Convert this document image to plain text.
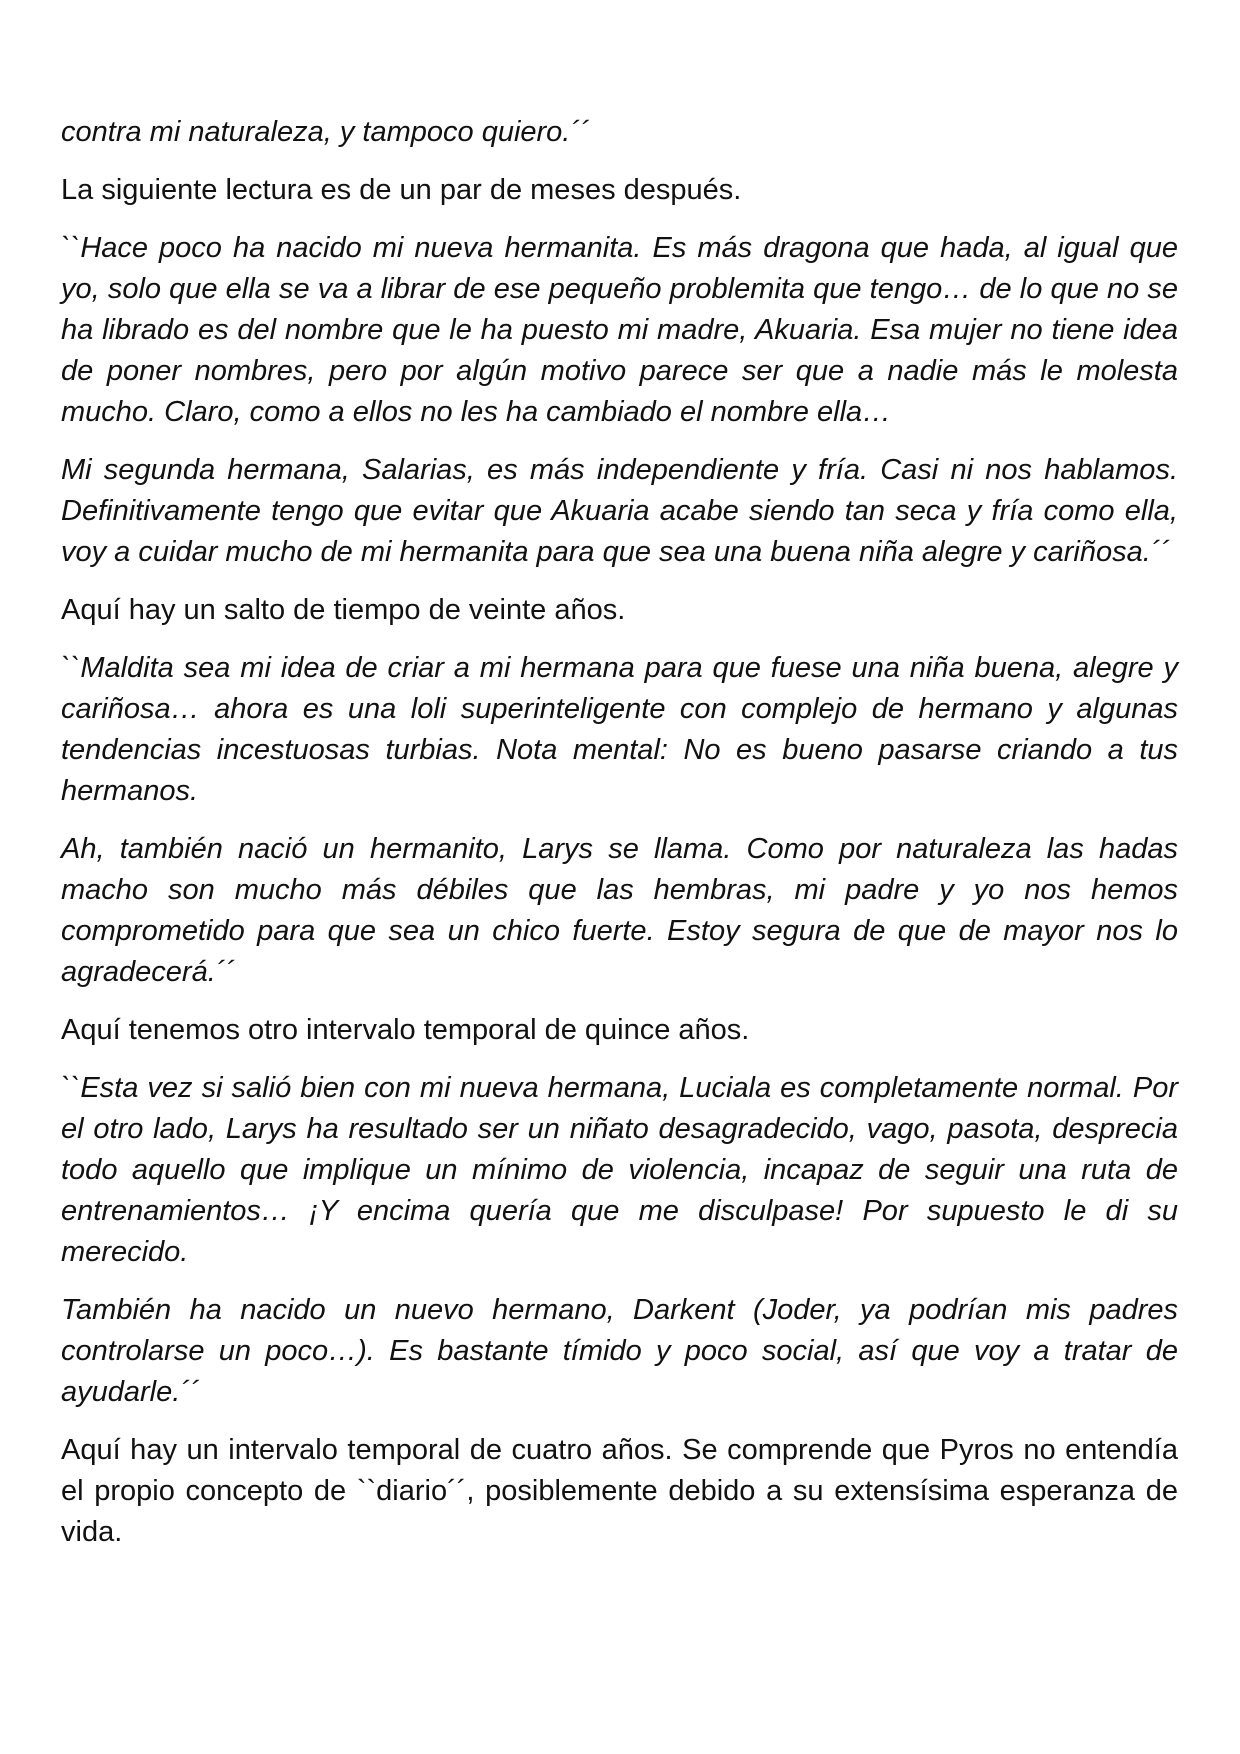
contra mi naturaleza, y tampoco quiero.´´

La siguiente lectura es de un par de meses después.

``Hace poco ha nacido mi nueva hermanita. Es más dragona que hada, al igual que yo, solo que ella se va a librar de ese pequeño problemita que tengo… de lo que no se ha librado es del nombre que le ha puesto mi madre, Akuaria. Esa mujer no tiene idea de poner nombres, pero por algún motivo parece ser que a nadie más le molesta mucho. Claro, como a ellos no les ha cambiado el nombre ella…

Mi segunda hermana, Salarias, es más independiente y fría. Casi ni nos hablamos. Definitivamente tengo que evitar que Akuaria acabe siendo tan seca y fría como ella, voy a cuidar mucho de mi hermanita para que sea una buena niña alegre y cariñosa.´´

Aquí hay un salto de tiempo de veinte años.

``Maldita sea mi idea de criar a mi hermana para que fuese una niña buena, alegre y cariñosa… ahora es una loli superinteligente con complejo de hermano y algunas tendencias incestuosas turbias. Nota mental: No es bueno pasarse criando a tus hermanos.

Ah, también nació un hermanito, Larys se llama. Como por naturaleza las hadas macho son mucho más débiles que las hembras, mi padre y yo nos hemos comprometido para que sea un chico fuerte. Estoy segura de que de mayor nos lo agradecerá.´´

Aquí tenemos otro intervalo temporal de quince años.

``Esta vez si salió bien con mi nueva hermana, Luciala es completamente normal. Por el otro lado, Larys ha resultado ser un niñato desagradecido, vago, pasota, desprecia todo aquello que implique un mínimo de violencia, incapaz de seguir una ruta de entrenamientos… ¡Y encima quería que me disculpase! Por supuesto le di su merecido.

También ha nacido un nuevo hermano, Darkent (Joder, ya podrían mis padres controlarse un poco…). Es bastante tímido y poco social, así que voy a tratar de ayudarle.´´

Aquí hay un intervalo temporal de cuatro años. Se comprende que Pyros no entendía el propio concepto de ``diario´´, posiblemente debido a su extensísima esperanza de vida.
